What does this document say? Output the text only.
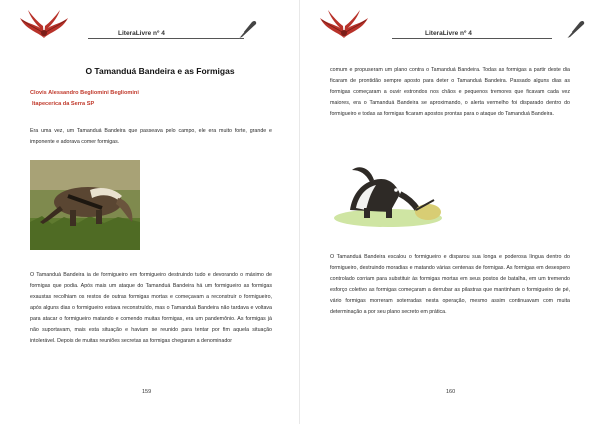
LiteraLivre nº 4
O Tamanduá Bandeira e as Formigas
Clovis Alessandro Begliomini Begliomini
Itapecerica da Serra SP

Era uma vez, um Tamanduá Bandeira que passeava pelo campo, ele era muito forte, grande e imponente e adorava comer formigas.

O Tamanduá Bandeira ia de formigueiro em formigueiro destruindo tudo e devorando o máximo de formigas que podia. Após mais um ataque do Tamanduá Bandeira há um formigueiro as formigas exaustas recolhiam os restos de outras formigas mortas e começavam a reconstruir o formigueiro, após alguns dias o formigueiro estava reconstruído, mas o Tamanduá Bandeira não tardava e voltava para atacar o formigueiro matando e comendo muitas formigas, era um pandemônio. As formigas já não suportavam, mais esta situação e haviam se reunido para tentar por fim aquela situação intolerável. Depois de muitas reuniões secretas as formigas chegaram a denominador

159
LiteraLivre nº 4

comum e propuseram um plano contra o Tamanduá Bandeira. Todas as formigas a partir deste dia ficaram de prontidão sempre aposto para deter o Tamanduá Bandeira. Passado alguns dias as formigas começaram a ouvir estrondos nos chãos e pequenos tremores que ficavam cada vez maiores, era o Tamanduá Bandeira se aproximando, o alerta vermelho foi disparado dentro do formigueiro e todas as formigas ficaram apostos prontas para o ataque do Tamanduá Bandeira.

O Tamanduá Bandeira escalou o formigueiro e disparou sua longa e poderosa língua dentro do formigueiro, destruindo moradias e matando várias centenas de formigas. As formigas em desespero controlado corriam para substituir às formigas mortas em seus postos de batalha, em um tremendo esforço coletivo as formigas começaram a derrubar as pilastras que mantinham o formigueiro de pé, vário formigas morreram soterradas nesta operação, mesmo assim continuavam com muita determinação a por seu plano secreto em prática.

160
